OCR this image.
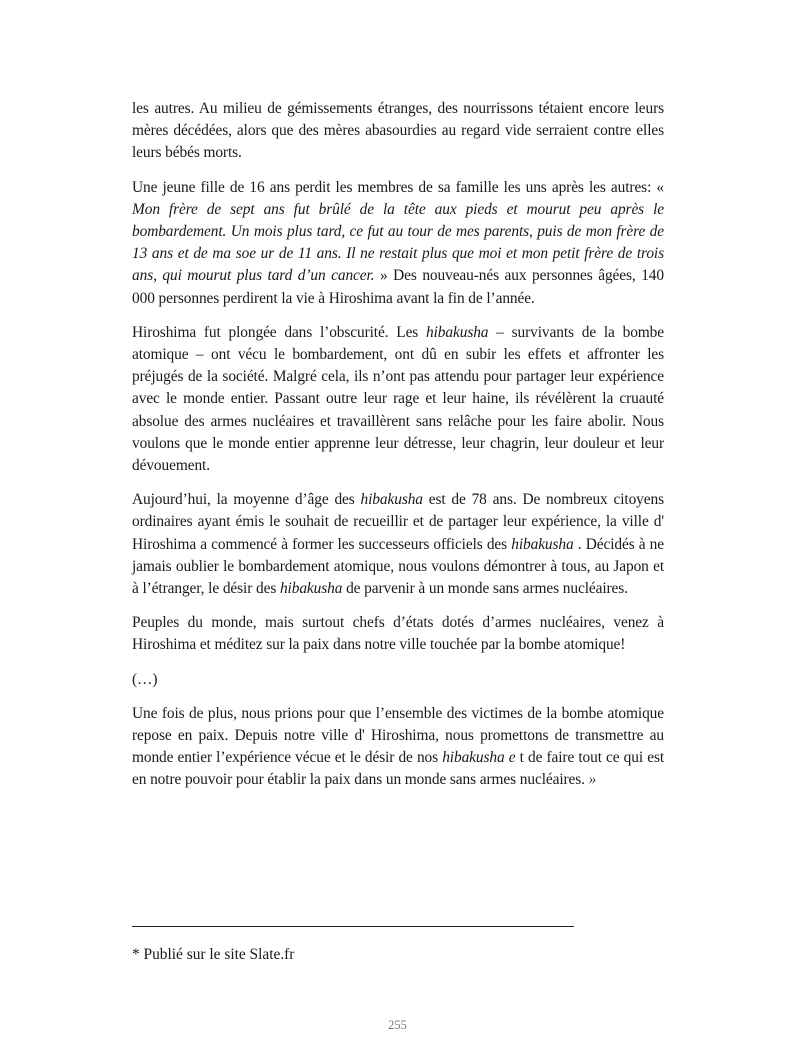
les autres. Au milieu de gémissements étranges, des nourrissons tétaient encore leurs mères décédées, alors que des mères abasourdies au regard vide serraient contre elles leurs bébés morts.

Une jeune fille de 16 ans perdit les membres de sa famille les uns après les autres: « Mon frère de sept ans fut brûlé de la tête aux pieds et mourut peu après le bombardement. Un mois plus tard, ce fut au tour de mes parents, puis de mon frère de 13 ans et de ma soe ur de 11 ans. Il ne restait plus que moi et mon petit frère de trois ans, qui mourut plus tard d’un cancer. » Des nouveau-nés aux personnes âgées, 140 000 personnes perdirent la vie à Hiroshima avant la fin de l’année.

Hiroshima fut plongée dans l’obscurité. Les hibakusha – survivants de la bombe atomique – ont vécu le bombardement, ont dû en subir les effets et affronter les préjugés de la société. Malgré cela, ils n’ont pas attendu pour partager leur expérience avec le monde entier. Passant outre leur rage et leur haine, ils révélèrent la cruauté absolue des armes nucléaires et travaillèrent sans relâche pour les faire abolir. Nous voulons que le monde entier apprenne leur détresse, leur chagrin, leur douleur et leur dévouement.

Aujourd’hui, la moyenne d’âge des hibakusha est de 78 ans. De nombreux citoyens ordinaires ayant émis le souhait de recueillir et de partager leur expérience, la ville d' Hiroshima a commencé à former les successeurs officiels des hibakusha . Décidés à ne jamais oublier le bombardement atomique, nous voulons démontrer à tous, au Japon et à l’étranger, le désir des hibakusha de parvenir à un monde sans armes nucléaires.

Peuples du monde, mais surtout chefs d’états dotés d’armes nucléaires, venez à Hiroshima et méditez sur la paix dans notre ville touchée par la bombe atomique!

(…)

Une fois de plus, nous prions pour que l’ensemble des victimes de la bombe atomique repose en paix. Depuis notre ville d' Hiroshima, nous promettons de transmettre au monde entier l’expérience vécue et le désir de nos hibakusha e t de faire tout ce qui est en notre pouvoir pour établir la paix dans un monde sans armes nucléaires. »

* Publié sur le site Slate.fr
255
